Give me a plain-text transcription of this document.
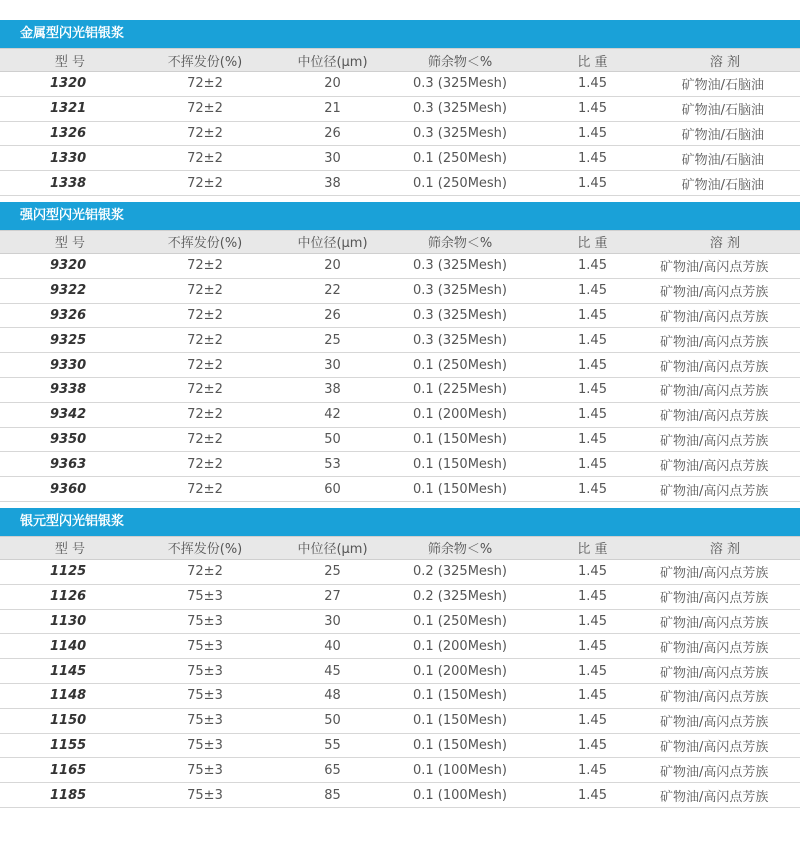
金属型闪光铝银浆
型 号	不挥发份(%)	中位径(μm)	筛余物＜%	比 重	溶 剂
1320	72±2	20	0.3 (325Mesh)	1.45	矿物油/石脑油
1321	72±2	21	0.3 (325Mesh)	1.45	矿物油/石脑油
1326	72±2	26	0.3 (325Mesh)	1.45	矿物油/石脑油
1330	72±2	30	0.1 (250Mesh)	1.45	矿物油/石脑油
1338	72±2	38	0.1 (250Mesh)	1.45	矿物油/石脑油
强闪型闪光铝银浆
型 号	不挥发份(%)	中位径(μm)	筛余物＜%	比 重	溶 剂
9320	72±2	20	0.3 (325Mesh)	1.45	矿物油/高闪点芳族
9322	72±2	22	0.3 (325Mesh)	1.45	矿物油/高闪点芳族
9326	72±2	26	0.3 (325Mesh)	1.45	矿物油/高闪点芳族
9325	72±2	25	0.3 (325Mesh)	1.45	矿物油/高闪点芳族
9330	72±2	30	0.1 (250Mesh)	1.45	矿物油/高闪点芳族
9338	72±2	38	0.1 (225Mesh)	1.45	矿物油/高闪点芳族
9342	72±2	42	0.1 (200Mesh)	1.45	矿物油/高闪点芳族
9350	72±2	50	0.1 (150Mesh)	1.45	矿物油/高闪点芳族
9363	72±2	53	0.1 (150Mesh)	1.45	矿物油/高闪点芳族
9360	72±2	60	0.1 (150Mesh)	1.45	矿物油/高闪点芳族
银元型闪光铝银浆
型 号	不挥发份(%)	中位径(μm)	筛余物＜%	比 重	溶 剂
1125	72±2	25	0.2 (325Mesh)	1.45	矿物油/高闪点芳族
1126	75±3	27	0.2 (325Mesh)	1.45	矿物油/高闪点芳族
1130	75±3	30	0.1 (250Mesh)	1.45	矿物油/高闪点芳族
1140	75±3	40	0.1 (200Mesh)	1.45	矿物油/高闪点芳族
1145	75±3	45	0.1 (200Mesh)	1.45	矿物油/高闪点芳族
1148	75±3	48	0.1 (150Mesh)	1.45	矿物油/高闪点芳族
1150	75±3	50	0.1 (150Mesh)	1.45	矿物油/高闪点芳族
1155	75±3	55	0.1 (150Mesh)	1.45	矿物油/高闪点芳族
1165	75±3	65	0.1 (100Mesh)	1.45	矿物油/高闪点芳族
1185	75±3	85	0.1 (100Mesh)	1.45	矿物油/高闪点芳族
